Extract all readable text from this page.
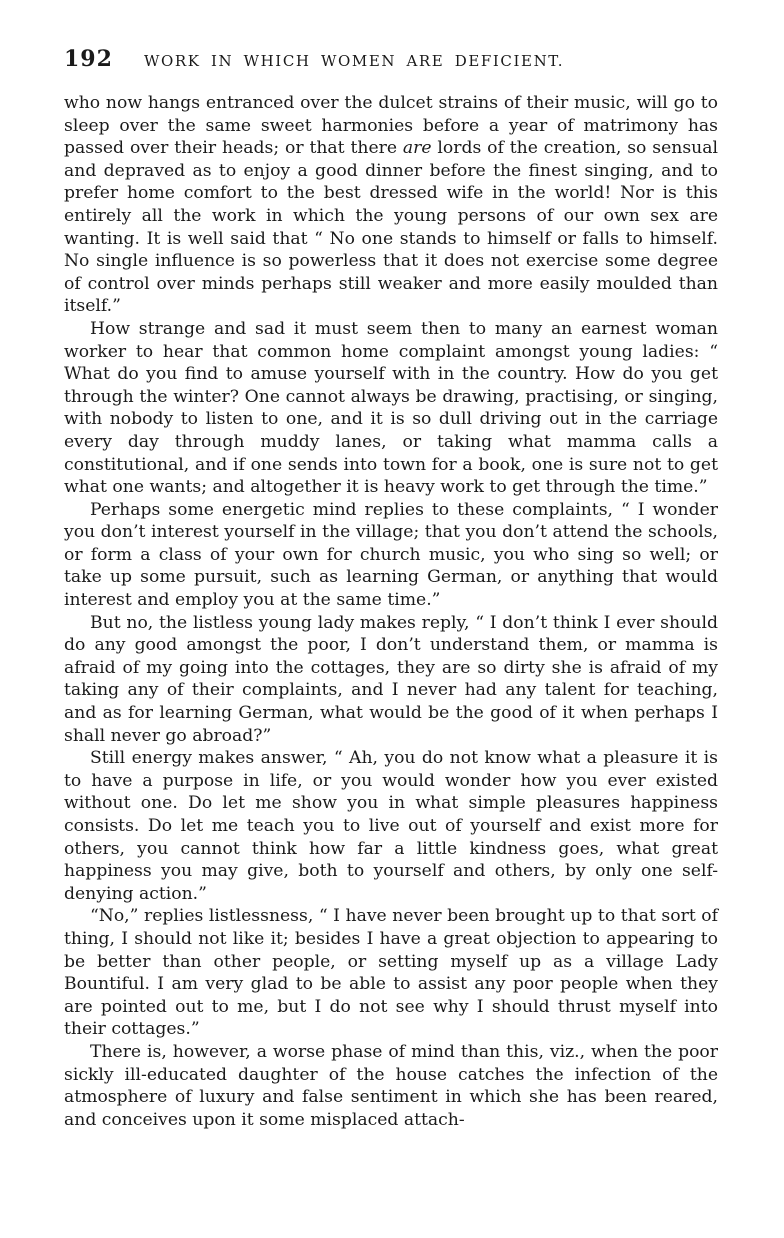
192	WORK IN WHICH WOMEN ARE DEFICIENT.

who now hangs entranced over the dulcet strains of their music, will go to sleep over the same sweet harmonies before a year of matrimony has passed over their heads; or that there are lords of the creation, so sensual and depraved as to enjoy a good dinner before the finest singing, and to prefer home comfort to the best dressed wife in the world! Nor is this entirely all the work in which the young persons of our own sex are wanting. It is well said that “ No one stands to himself or falls to himself. No single influence is so powerless that it does not exercise some degree of control over minds perhaps still weaker and more easily moulded than itself.”

How strange and sad it must seem then to many an earnest woman worker to hear that common home complaint amongst young ladies: “ What do you find to amuse yourself with in the country. How do you get through the winter? One cannot always be drawing, practising, or singing, with nobody to listen to one, and it is so dull driving out in the carriage every day through muddy lanes, or taking what mamma calls a constitutional, and if one sends into town for a book, one is sure not to get what one wants; and altogether it is heavy work to get through the time.”

Perhaps some energetic mind replies to these complaints, “ I wonder you don’t interest yourself in the village; that you don’t attend the schools, or form a class of your own for church music, you who sing so well; or take up some pursuit, such as learning German, or anything that would interest and employ you at the same time.”

But no, the listless young lady makes reply, “ I don’t think I ever should do any good amongst the poor, I don’t understand them, or mamma is afraid of my going into the cottages, they are so dirty she is afraid of my taking any of their complaints, and I never had any talent for teaching, and as for learning German, what would be the good of it when perhaps I shall never go abroad?”

Still energy makes answer, “ Ah, you do not know what a pleasure it is to have a purpose in life, or you would wonder how you ever existed without one. Do let me show you in what simple pleasures happiness consists. Do let me teach you to live out of yourself and exist more for others, you cannot think how far a little kindness goes, what great happiness you may give, both to yourself and others, by only one self-denying action.”

“No,” replies listlessness, “ I have never been brought up to that sort of thing, I should not like it; besides I have a great objection to appearing to be better than other people, or setting myself up as a village Lady Bountiful. I am very glad to be able to assist any poor people when they are pointed out to me, but I do not see why I should thrust myself into their cottages.”

There is, however, a worse phase of mind than this, viz., when the poor sickly ill-educated daughter of the house catches the infection of the atmosphere of luxury and false sentiment in which she has been reared, and conceives upon it some misplaced attach-
